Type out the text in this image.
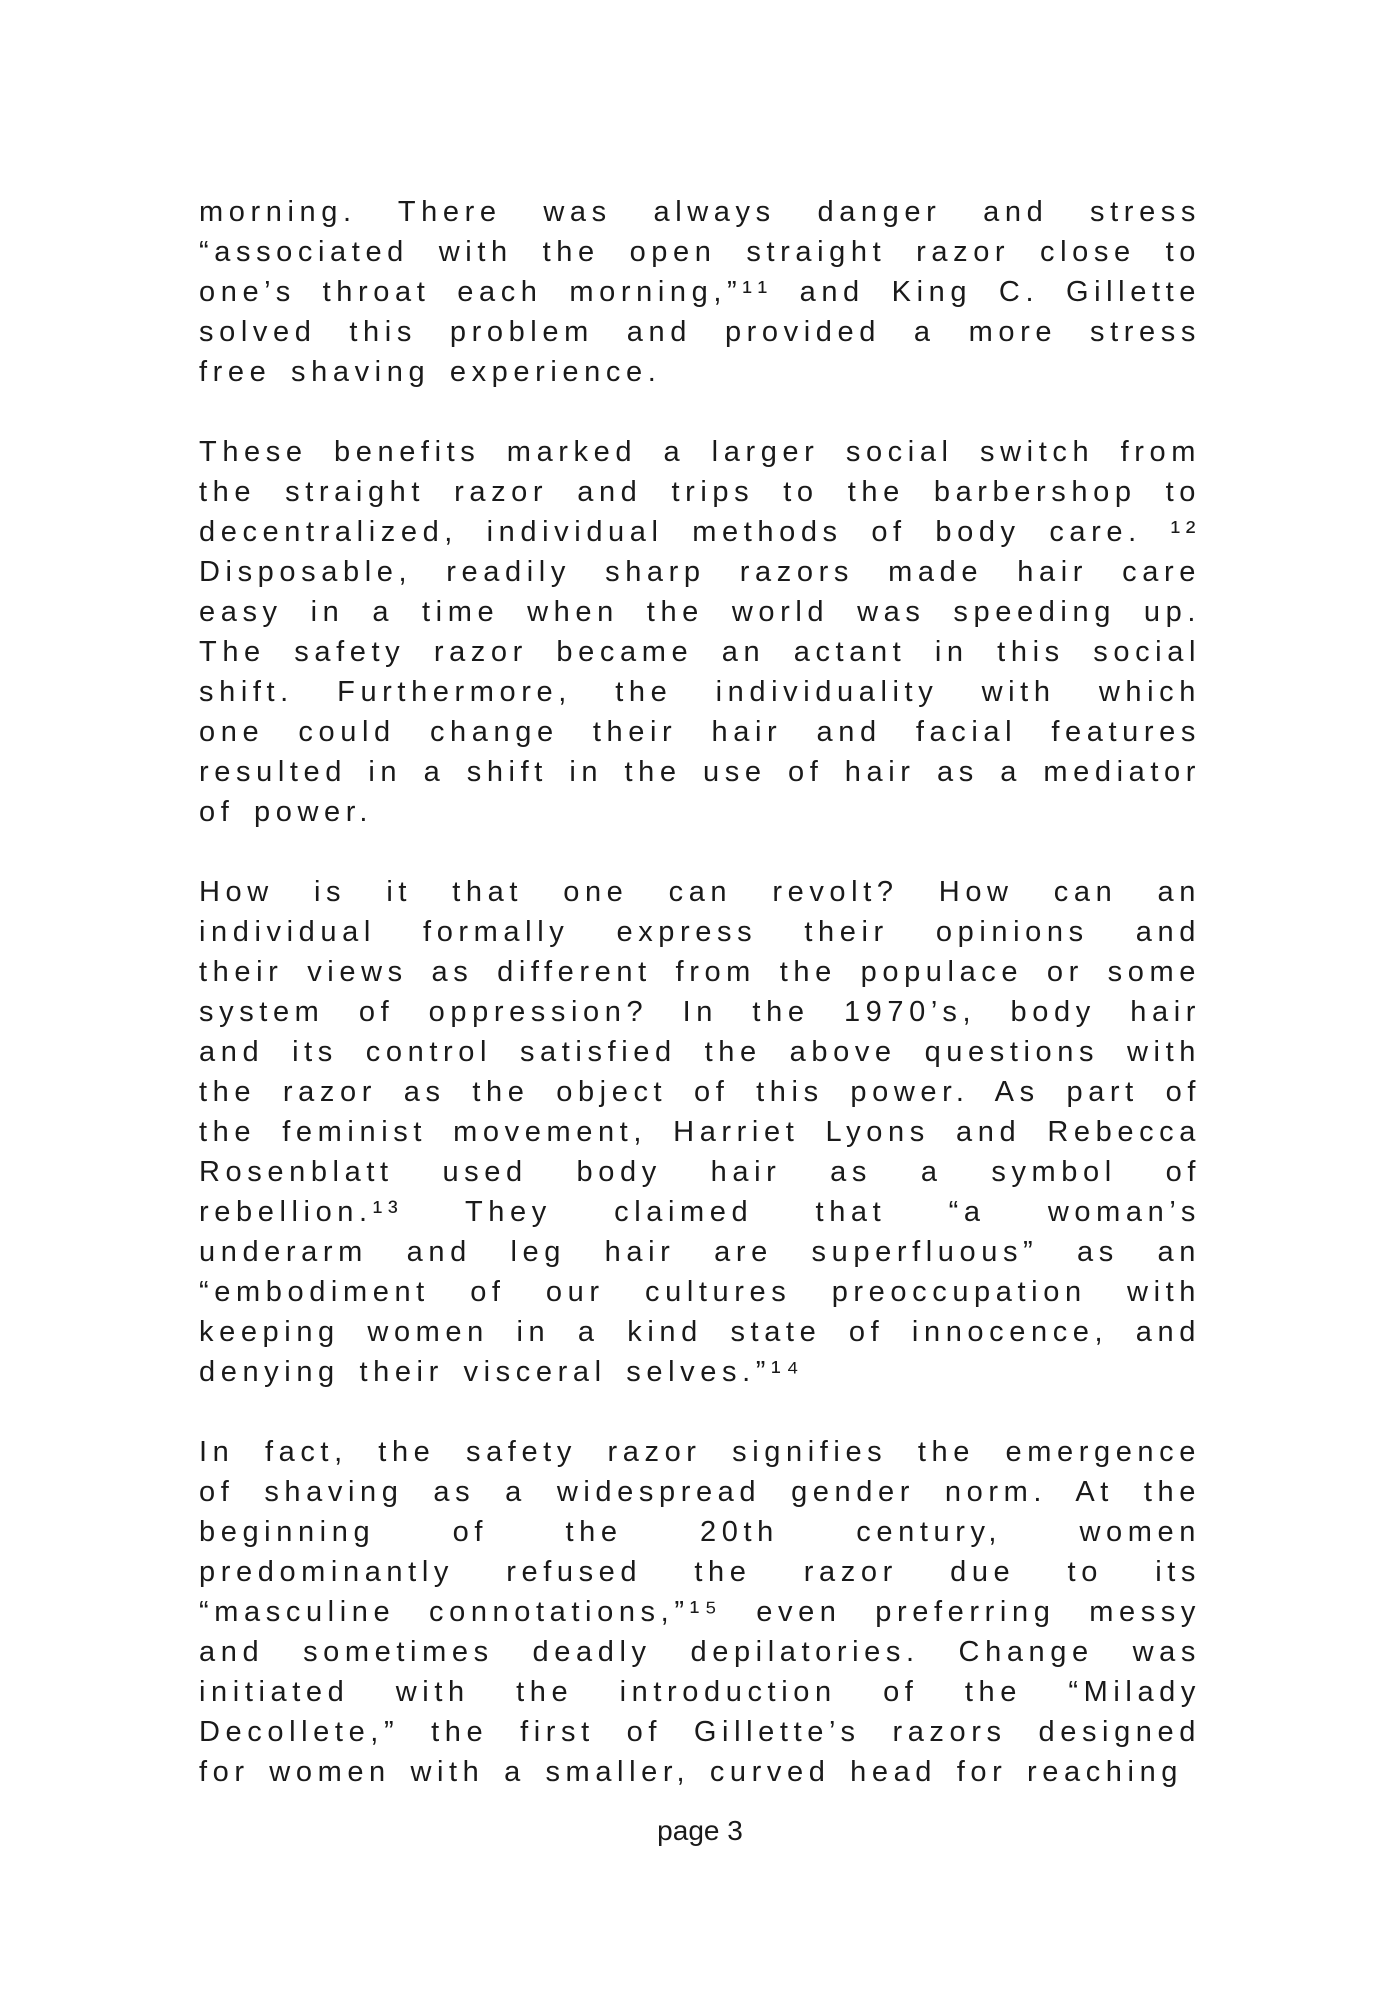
morning. There was always danger and stress
“associated with the open straight razor close to
one’s throat each morning,”¹¹ and King C. Gillette
solved this problem and provided a more stress
free shaving experience.
These benefits marked a larger social switch from
the straight razor and trips to the barbershop to
decentralized, individual methods of body care. ¹²
Disposable, readily sharp razors made hair care
easy in a time when the world was speeding up.
The safety razor became an actant in this social
shift. Furthermore, the individuality with which
one could change their hair and facial features
resulted in a shift in the use of hair as a mediator
of power.
How is it that one can revolt? How can an
individual formally express their opinions and
their views as different from the populace or some
system of oppression? In the 1970’s, body hair
and its control satisfied the above questions with
the razor as the object of this power. As part of
the feminist movement, Harriet Lyons and Rebecca
Rosenblatt used body hair as a symbol of
rebellion.¹³ They claimed that “a woman’s
underarm and leg hair are superfluous” as an
“embodiment of our cultures preoccupation with
keeping women in a kind state of innocence, and
denying their visceral selves.”¹⁴
In fact, the safety razor signifies the emergence
of shaving as a widespread gender norm. At the
beginning of the 20th century, women
predominantly refused the razor due to its
“masculine connotations,”¹⁵ even preferring messy
and sometimes deadly depilatories. Change was
initiated with the introduction of the “Milady
Decollete,” the first of Gillette’s razors designed
for women with a smaller, curved head for reaching
page 3
